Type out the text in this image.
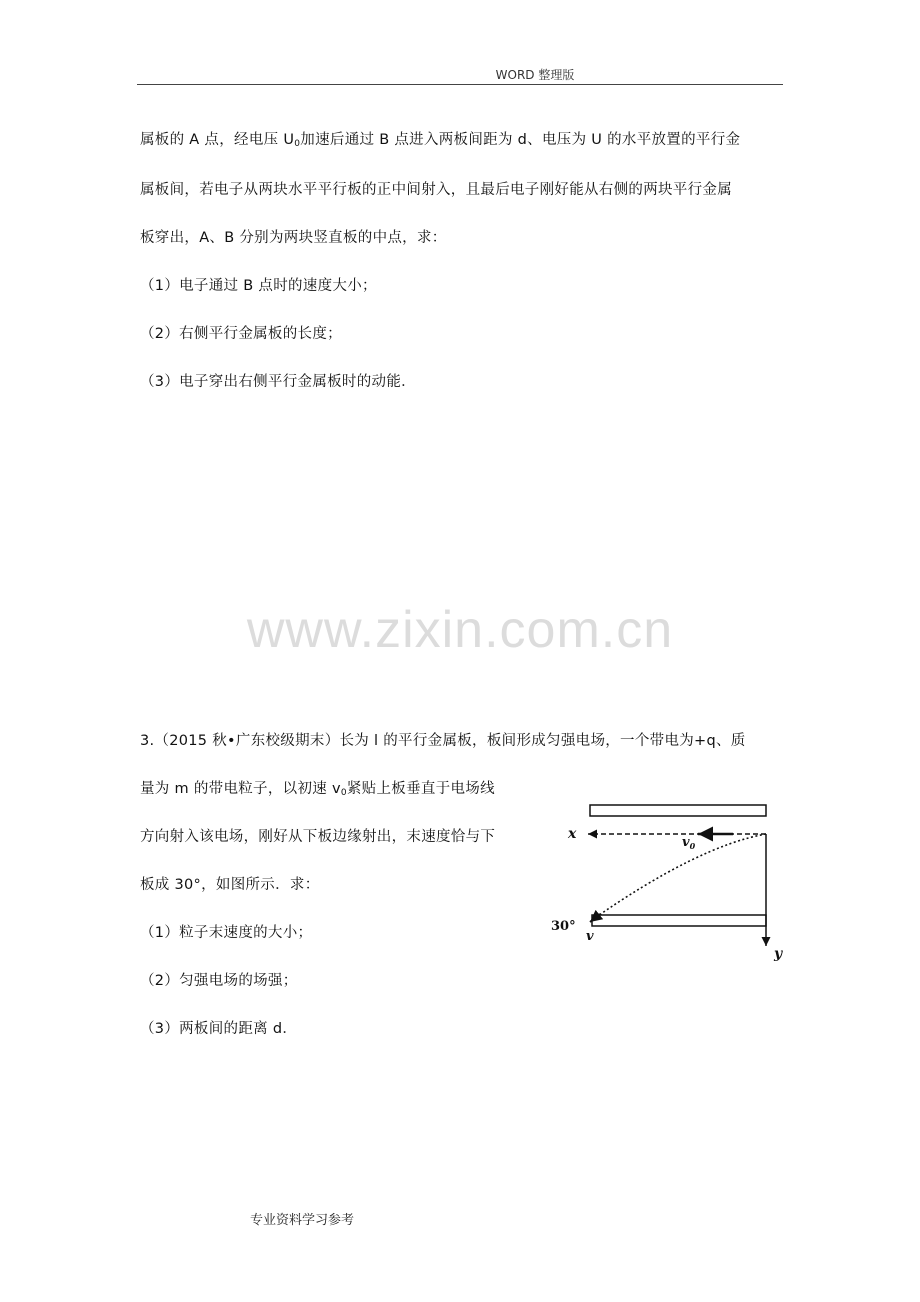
WORD 整理版
属板的 A 点，经电压 $U_0$加速后通过 B 点进入两板间距为 d、电压为 U 的水平放置的平行金
属板间，若电子从两块水平平行板的正中间射入，且最后电子刚好能从右侧的两块平行金属
板穿出，A、B 分别为两块竖直板的中点，求：
（1）电子通过 B 点时的速度大小；
（2）右侧平行金属板的长度；
（3）电子穿出右侧平行金属板时的动能．
www.zixin.com.cn
3.（2015 秋•广东校级期末）长为 l 的平行金属板，板间形成匀强电场，一个带电为+q、质
量为 m 的带电粒子，以初速 $v_0$紧贴上板垂直于电场线
方向射入该电场，刚好从下板边缘射出，末速度恰与下
板成 30°，如图所示．求：
（1）粒子末速度的大小；
（2）匀强电场的场强；
（3）两板间的距离 d．
x
$v_0$
30°
v
y
专业资料学习参考
